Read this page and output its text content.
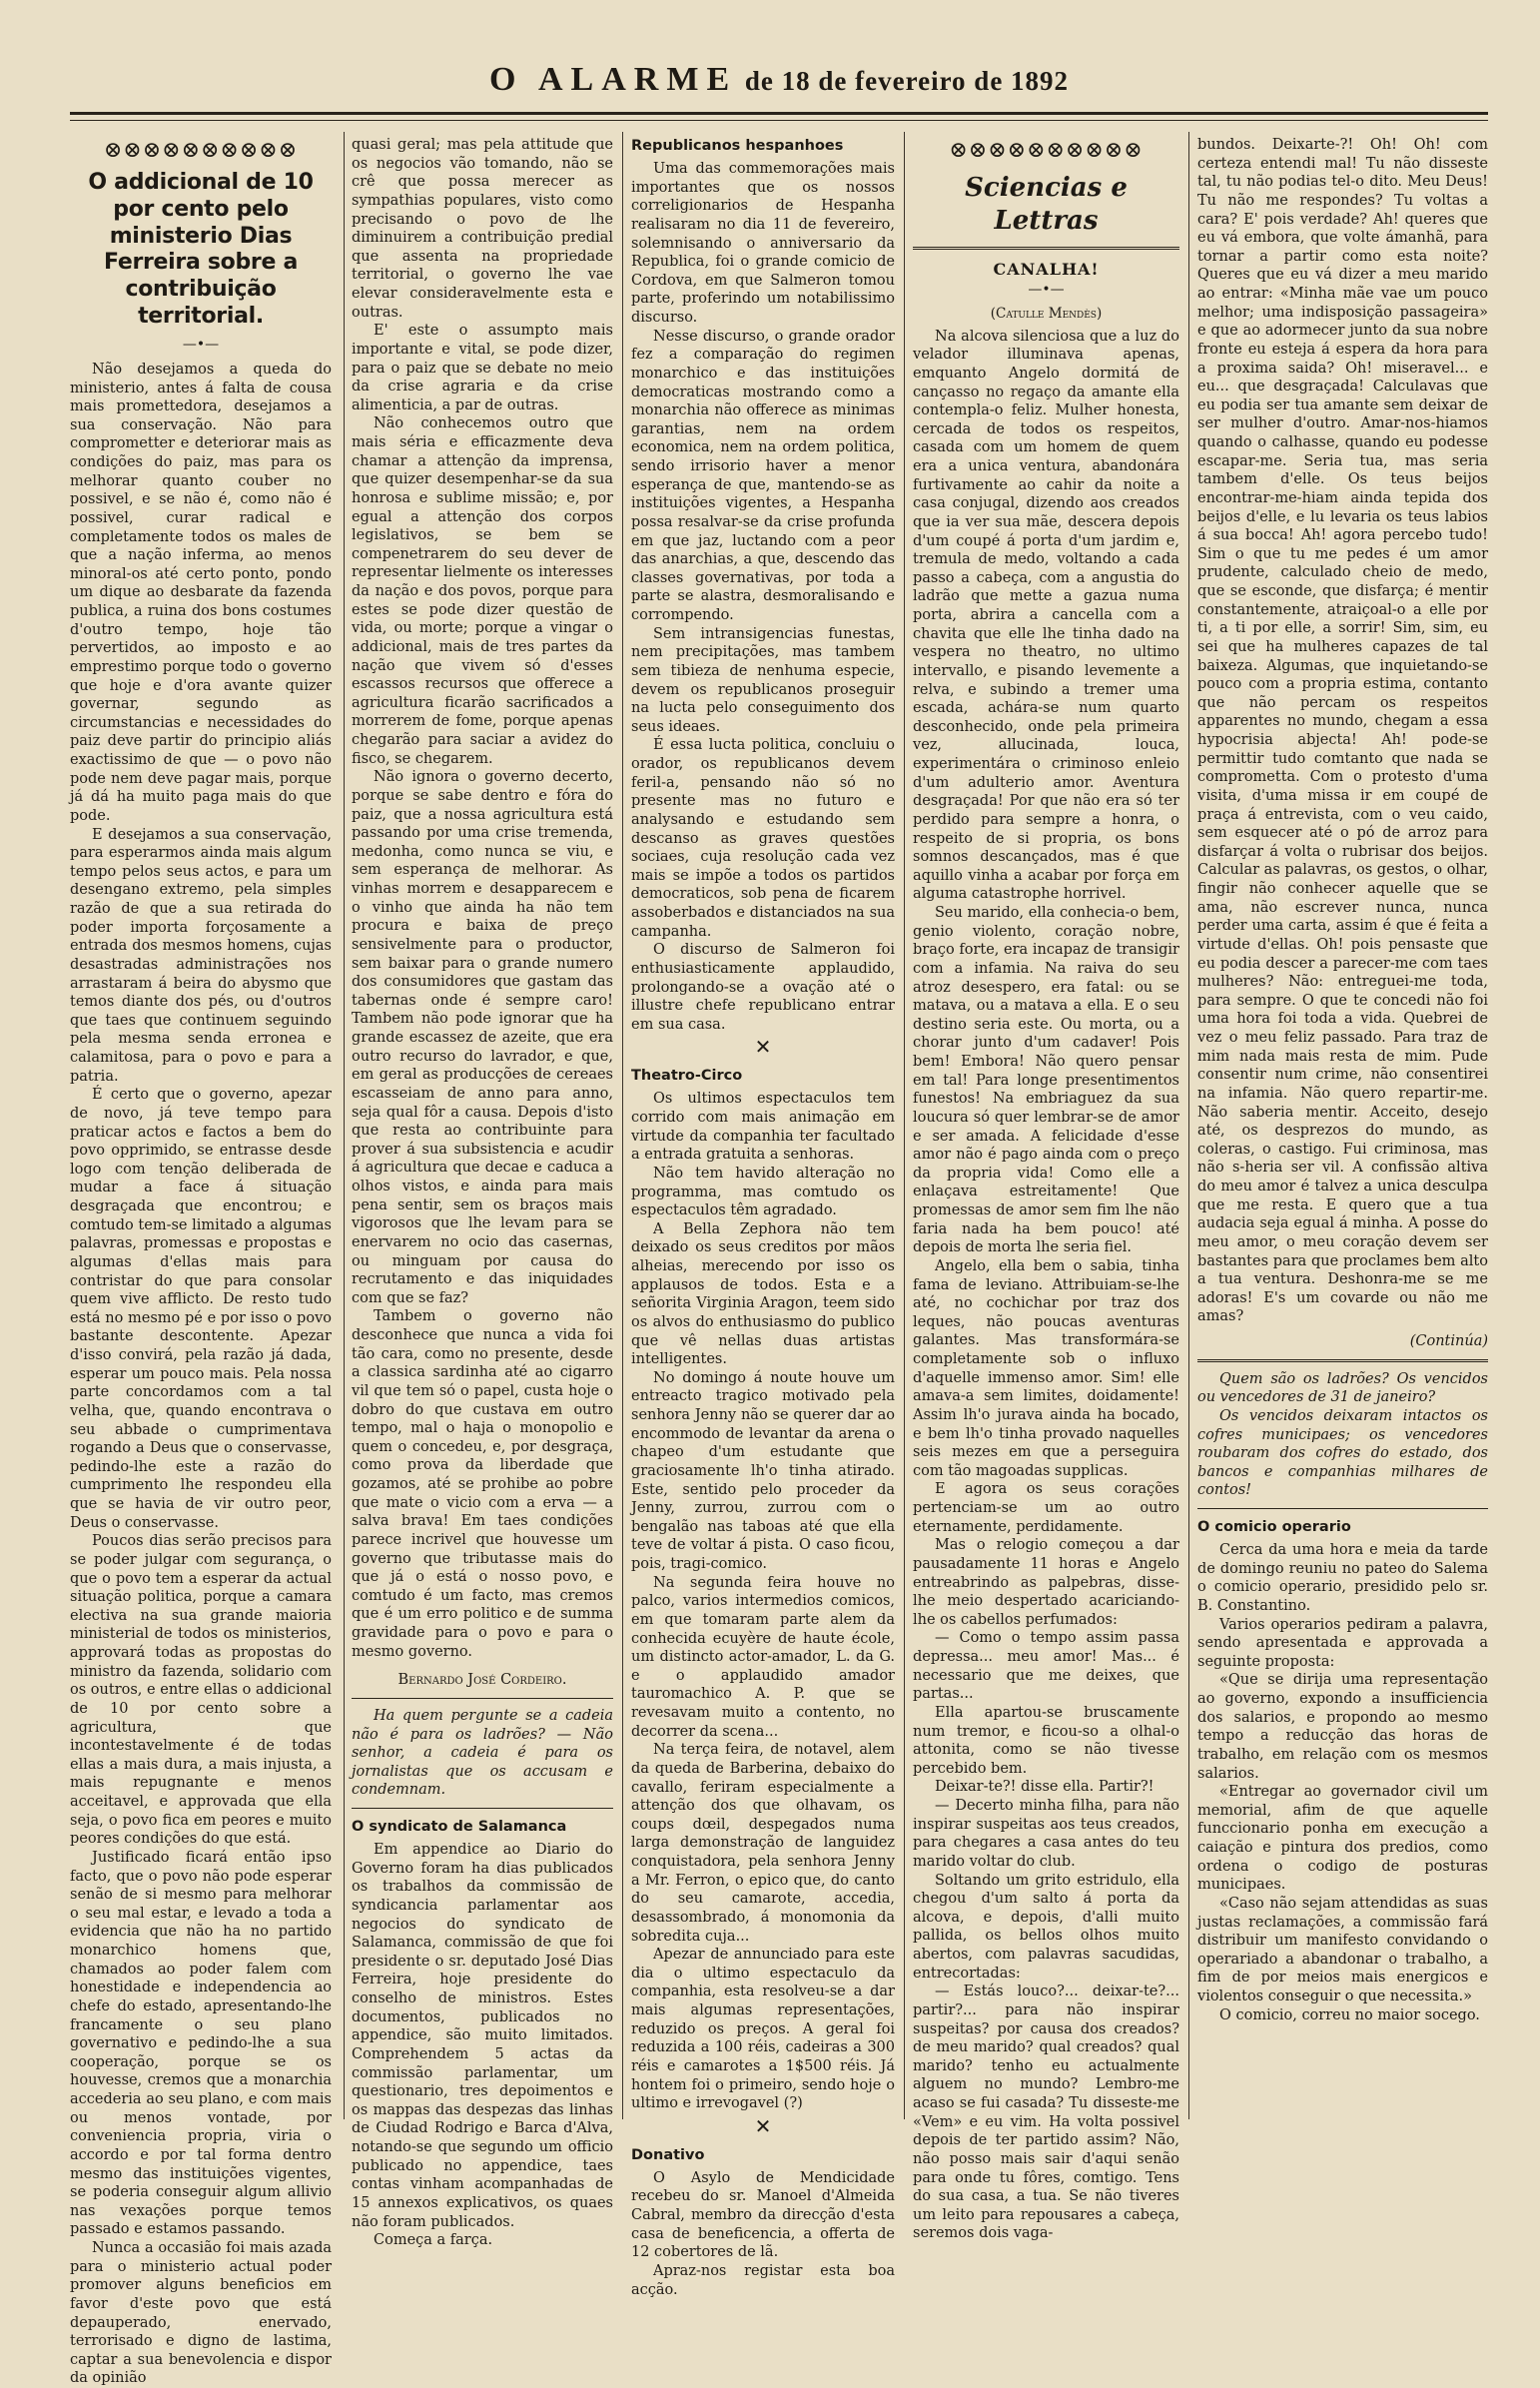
O ALARME de 18 de fevereiro de 1892
⊗⊗⊗⊗⊗⊗⊗⊗⊗⊗
O addicional de 10 por cento pelo ministerio Dias Ferreira sobre a contribuição territorial.
—•—

Não desejamos a queda do ministerio, antes á falta de cousa mais promettedora, desejamos a sua conservação. Não para comprometter e deteriorar mais as condições do paiz, mas para os melhorar quanto couber no possivel, e se não é, como não é possivel, curar radical e completamente todos os males de que a nação inferma, ao menos minoral-os até certo ponto, pondo um dique ao desbarate da fazenda publica, a ruina dos bons costumes d'outro tempo, hoje tão pervertidos, ao imposto e ao emprestimo porque todo o governo que hoje e d'ora avante quizer governar, segundo as circumstancias e necessidades do paiz deve partir do principio aliás exactissimo de que — o povo não pode nem deve pagar mais, porque já dá ha muito paga mais do que pode.

E desejamos a sua conservação, para esperarmos ainda mais algum tempo pelos seus actos, e para um desengano extremo, pela simples razão de que a sua retirada do poder importa forçosamente a entrada dos mesmos homens, cujas desastradas administrações nos arrastaram á beira do abysmo que temos diante dos pés, ou d'outros que taes que continuem seguindo pela mesma senda erronea e calamitosa, para o povo e para a patria.

É certo que o governo, apezar de novo, já teve tempo para praticar actos e factos a bem do povo opprimido, se entrasse desde logo com tenção deliberada de mudar a face á situação desgraçada que encontrou; e comtudo tem-se limitado a algumas palavras, promessas e propostas e algumas d'ellas mais para contristar do que para consolar quem vive afflicto. De resto tudo está no mesmo pé e por isso o povo bastante descontente. Apezar d'isso convirá, pela razão já dada, esperar um pouco mais. Pela nossa parte concordamos com a tal velha, que, quando encontrava o seu abbade o cumprimentava rogando a Deus que o conservasse, pedindo-lhe este a razão do cumprimento lhe respondeu ella que se havia de vir outro peor, Deus o conservasse.

Poucos dias serão precisos para se poder julgar com segurança, o que o povo tem a esperar da actual situação politica, porque a camara electiva na sua grande maioria ministerial de todos os ministerios, approvará todas as propostas do ministro da fazenda, solidario com os outros, e entre ellas o addicional de 10 por cento sobre a agricultura, que incontestavelmente é de todas ellas a mais dura, a mais injusta, a mais repugnante e menos acceitavel, e approvada que ella seja, o povo fica em peores e muito peores condições do que está.

Justificado ficará então ipso facto, que o povo não pode esperar senão de si mesmo para melhorar o seu mal estar, e levado a toda a evidencia que não ha no partido monarchico homens que, chamados ao poder falem com honestidade e independencia ao chefe do estado, apresentando-lhe francamente o seu plano governativo e pedindo-lhe a sua cooperação, porque se os houvesse, cremos que a monarchia accederia ao seu plano, e com mais ou menos vontade, por conveniencia propria, viria o accordo e por tal forma dentro mesmo das instituições vigentes, se poderia conseguir algum allivio nas vexações porque temos passado e estamos passando.

Nunca a occasião foi mais azada para o ministerio actual poder promover alguns beneficios em favor d'este povo que está depauperado, enervado, terrorisado e digno de lastima, captar a sua benevolencia e dispor da opinião

quasi geral; mas pela attitude que os negocios vão tomando, não se crê que possa merecer as sympathias populares, visto como precisando o povo de lhe diminuirem a contribuição predial que assenta na propriedade territorial, o governo lhe vae elevar consideravelmente esta e outras.

E' este o assumpto mais importante e vital, se pode dizer, para o paiz que se debate no meio da crise agraria e da crise alimenticia, a par de outras.

Não conhecemos outro que mais séria e efficazmente deva chamar a attenção da imprensa, que quizer desempenhar-se da sua honrosa e sublime missão; e, por egual a attenção dos corpos legislativos, se bem se compenetrarem do seu dever de representar lielmente os interesses da nação e dos povos, porque para estes se pode dizer questão de vida, ou morte; porque a vingar o addicional, mais de tres partes da nação que vivem só d'esses escassos recursos que offerece a agricultura ficarão sacrificados a morrerem de fome, porque apenas chegarão para saciar a avidez do fisco, se chegarem.

Não ignora o governo decerto, porque se sabe dentro e fóra do paiz, que a nossa agricultura está passando por uma crise tremenda, medonha, como nunca se viu, e sem esperança de melhorar. As vinhas morrem e desapparecem e o vinho que ainda ha não tem procura e baixa de preço sensivelmente para o productor, sem baixar para o grande numero dos consumidores que gastam das tabernas onde é sempre caro! Tambem não pode ignorar que ha grande escassez de azeite, que era outro recurso do lavrador, e que, em geral as producções de cereaes escasseiam de anno para anno, seja qual fôr a causa. Depois d'isto que resta ao contribuinte para prover á sua subsistencia e acudir á agricultura que decae e caduca a olhos vistos, e ainda para mais pena sentir, sem os braços mais vigorosos que lhe levam para se enervarem no ocio das casernas, ou minguam por causa do recrutamento e das iniquidades com que se faz?

Tambem o governo não desconhece que nunca a vida foi tão cara, como no presente, desde a classica sardinha até ao cigarro vil que tem só o papel, custa hoje o dobro do que custava em outro tempo, mal o haja o monopolio e quem o concedeu, e, por desgraça, como prova da liberdade que gozamos, até se prohibe ao pobre que mate o vicio com a erva — a salva brava! Em taes condições parece incrivel que houvesse um governo que tributasse mais do que já o está o nosso povo, e comtudo é um facto, mas cremos que é um erro politico e de summa gravidade para o povo e para o mesmo governo.

Bernardo José Cordeiro.

Ha quem pergunte se a cadeia não é para os ladrões? — Não senhor, a cadeia é para os jornalistas que os accusam e condemnam.

O syndicato de Salamanca

Em appendice ao Diario do Governo foram ha dias publicados os trabalhos da commissão de syndicancia parlamentar aos negocios do syndicato de Salamanca, commissão de que foi presidente o sr. deputado José Dias Ferreira, hoje presidente do conselho de ministros. Estes documentos, publicados no appendice, são muito limitados. Comprehendem 5 actas da commissão parlamentar, um questionario, tres depoimentos e os mappas das despezas das linhas de Ciudad Rodrigo e Barca d'Alva, notando-se que segundo um officio publicado no appendice, taes contas vinham acompanhadas de 15 annexos explicativos, os quaes não foram publicados.

Começa a farça.

Republicanos hespanhoes

Uma das commemorações mais importantes que os nossos correligionarios de Hespanha realisaram no dia 11 de fevereiro, solemnisando o anniversario da Republica, foi o grande comicio de Cordova, em que Salmeron tomou parte, proferindo um notabilissimo discurso.

Nesse discurso, o grande orador fez a comparação do regimen monarchico e das instituições democraticas mostrando como a monarchia não offerece as minimas garantias, nem na ordem economica, nem na ordem politica, sendo irrisorio haver a menor esperança de que, mantendo-se as instituições vigentes, a Hespanha possa resalvar-se da crise profunda em que jaz, luctando com a peor das anarchias, a que, descendo das classes governativas, por toda a parte se alastra, desmoralisando e corrompendo.

Sem intransigencias funestas, nem precipitações, mas tambem sem tibieza de nenhuma especie, devem os republicanos proseguir na lucta pelo conseguimento dos seus ideaes.

É essa lucta politica, concluiu o orador, os republicanos devem feril-a, pensando não só no presente mas no futuro e analysando e estudando sem descanso as graves questões sociaes, cuja resolução cada vez mais se impõe a todos os partidos democraticos, sob pena de ficarem assoberbados e distanciados na sua campanha.

O discurso de Salmeron foi enthusiasticamente applaudido, prolongando-se a ovação até o illustre chefe republicano entrar em sua casa.

✕
Theatro-Circo

Os ultimos espectaculos tem corrido com mais animação em virtude da companhia ter facultado a entrada gratuita a senhoras.

Não tem havido alteração no programma, mas comtudo os espectaculos têm agradado.

A Bella Zephora não tem deixado os seus creditos por mãos alheias, merecendo por isso os applausos de todos. Esta e a señorita Virginia Aragon, teem sido os alvos do enthusiasmo do publico que vê nellas duas artistas intelligentes.

No domingo á noute houve um entreacto tragico motivado pela senhora Jenny não se querer dar ao encommodo de levantar da arena o chapeo d'um estudante que graciosamente lh'o tinha atirado. Este, sentido pelo proceder da Jenny, zurrou, zurrou com o bengalão nas taboas até que ella teve de voltar á pista. O caso ficou, pois, tragi-comico.

Na segunda feira houve no palco, varios intermedios comicos, em que tomaram parte alem da conhecida ecuyère de haute école, um distincto actor-amador, L. da G. e o applaudido amador tauromachico A. P. que se revesavam muito a contento, no decorrer da scena...

Na terça feira, de notavel, alem da queda de Barberina, debaixo do cavallo, feriram especialmente a attenção dos que olhavam, os coups dœil, despegados numa larga demonstração de languidez conquistadora, pela senhora Jenny a Mr. Ferron, o epico que, do canto do seu camarote, accedia, desassombrado, á monomonia da sobredita cuja...

Apezar de annunciado para este dia o ultimo espectaculo da companhia, esta resolveu-se a dar mais algumas representações, reduzido os preços. A geral foi reduzida a 100 réis, cadeiras a 300 réis e camarotes a 1$500 réis. Já hontem foi o primeiro, sendo hoje o ultimo e irrevogavel (?)

✕
Donativo

O Asylo de Mendicidade recebeu do sr. Manoel d'Almeida Cabral, membro da direcção d'esta casa de beneficencia, a offerta de 12 cobertores de lã.

Apraz-nos registar esta boa acção.

⊗⊗⊗⊗⊗⊗⊗⊗⊗⊗
Sciencias e Lettras
CANALHA!
—•—
(Catulle Mendès)

Na alcova silenciosa que a luz do velador illuminava apenas, emquanto Angelo dormitá de cançasso no regaço da amante ella contempla-o feliz. Mulher honesta, cercada de todos os respeitos, casada com um homem de quem era a unica ventura, abandonára furtivamente ao cahir da noite a casa conjugal, dizendo aos creados que ia ver sua mãe, descera depois d'um coupé á porta d'um jardim e, tremula de medo, voltando a cada passo a cabeça, com a angustia do ladrão que mette a gazua numa porta, abrira a cancella com a chavita que elle lhe tinha dado na vespera no theatro, no ultimo intervallo, e pisando levemente a relva, e subindo a tremer uma escada, achára-se num quarto desconhecido, onde pela primeira vez, allucinada, louca, experimentára o criminoso enleio d'um adulterio amor. Aventura desgraçada! Por que não era só ter perdido para sempre a honra, o respeito de si propria, os bons somnos descançados, mas é que aquillo vinha a acabar por força em alguma catastrophe horrivel.

Seu marido, ella conhecia-o bem, genio violento, coração nobre, braço forte, era incapaz de transigir com a infamia. Na raiva do seu atroz desespero, era fatal: ou se matava, ou a matava a ella. E o seu destino seria este. Ou morta, ou a chorar junto d'um cadaver! Pois bem! Embora! Não quero pensar em tal! Para longe presentimentos funestos! Na embriaguez da sua loucura só quer lembrar-se de amor e ser amada. A felicidade d'esse amor não é pago ainda com o preço da propria vida! Como elle a enlaçava estreitamente! Que promessas de amor sem fim lhe não faria nada ha bem pouco! até depois de morta lhe seria fiel.

Angelo, ella bem o sabia, tinha fama de leviano. Attribuiam-se-lhe até, no cochichar por traz dos leques, não poucas aventuras galantes. Mas transformára-se completamente sob o influxo d'aquelle immenso amor. Sim! elle amava-a sem limites, doidamente! Assim lh'o jurava ainda ha bocado, e bem lh'o tinha provado naquelles seis mezes em que a perseguira com tão magoadas supplicas.

E agora os seus corações pertenciam-se um ao outro eternamente, perdidamente.

Mas o relogio começou a dar pausadamente 11 horas e Angelo entreabrindo as palpebras, disse-lhe meio despertado acariciando-lhe os cabellos perfumados:

— Como o tempo assim passa depressa... meu amor! Mas... é necessario que me deixes, que partas...

Ella apartou-se bruscamente num tremor, e ficou-so a olhal-o attonita, como se não tivesse percebido bem.

Deixar-te?! disse ella. Partir?!

— Decerto minha filha, para não inspirar suspeitas aos teus creados, para chegares a casa antes do teu marido voltar do club.

Soltando um grito estridulo, ella chegou d'um salto á porta da alcova, e depois, d'alli muito pallida, os bellos olhos muito abertos, com palavras sacudidas, entrecortadas:

— Estás louco?... deixar-te?... partir?... para não inspirar suspeitas? por causa dos creados? de meu marido? qual creados? qual marido? tenho eu actualmente alguem no mundo? Lembro-me acaso se fui casada? Tu disseste-me «Vem» e eu vim. Ha volta possivel depois de ter partido assim? Não, não posso mais sair d'aqui senão para onde tu fôres, comtigo. Tens do sua casa, a tua. Se não tiveres um leito para repousares a cabeça, seremos dois vaga-

bundos. Deixarte-?! Oh! Oh! com certeza entendi mal! Tu não disseste tal, tu não podias tel-o dito. Meu Deus! Tu não me respondes? Tu voltas a cara? E' pois verdade? Ah! queres que eu vá embora, que volte ámanhã, para tornar a partir como esta noite? Queres que eu vá dizer a meu marido ao entrar: «Minha mãe vae um pouco melhor; uma indisposição passageira» e que ao adormecer junto da sua nobre fronte eu esteja á espera da hora para a proxima saida? Oh! miseravel... e eu... que desgraçada! Calculavas que eu podia ser tua amante sem deixar de ser mulher d'outro. Amar-nos-hiamos quando o calhasse, quando eu podesse escapar-me. Seria tua, mas seria tambem d'elle. Os teus beijos encontrar-me-hiam ainda tepida dos beijos d'elle, e lu levaria os teus labios á sua bocca! Ah! agora percebo tudo! Sim o que tu me pedes é um amor prudente, calculado cheio de medo, que se esconde, que disfarça; é mentir constantemente, atraiçoal-o a elle por ti, a ti por elle, a sorrir! Sim, sim, eu sei que ha mulheres capazes de tal baixeza. Algumas, que inquietando-se pouco com a propria estima, contanto que não percam os respeitos apparentes no mundo, chegam a essa hypocrisia abjecta! Ah! pode-se permittir tudo comtanto que nada se comprometta. Com o protesto d'uma visita, d'uma missa ir em coupé de praça á entrevista, com o veu caido, sem esquecer até o pó de arroz para disfarçar á volta o rubrisar dos beijos. Calcular as palavras, os gestos, o olhar, fingir não conhecer aquelle que se ama, não escrever nunca, nunca perder uma carta, assim é que é feita a virtude d'ellas. Oh! pois pensaste que eu podia descer a parecer-me com taes mulheres? Não: entreguei-me toda, para sempre. O que te concedi não foi uma hora foi toda a vida. Quebrei de vez o meu feliz passado. Para traz de mim nada mais resta de mim. Pude consentir num crime, não consentirei na infamia. Não quero repartir-me. Não saberia mentir. Acceito, desejo até, os desprezos do mundo, as coleras, o castigo. Fui criminosa, mas não s-heria ser vil. A confissão altiva do meu amor é talvez a unica desculpa que me resta. E quero que a tua audacia seja egual á minha. A posse do meu amor, o meu coração devem ser bastantes para que proclames bem alto a tua ventura. Deshonra-me se me adoras! E's um covarde ou não me amas?

(Continúa)

Quem são os ladrões? Os vencidos ou vencedores de 31 de janeiro?

Os vencidos deixaram intactos os cofres municipaes; os vencedores roubaram dos cofres do estado, dos bancos e companhias milhares de contos!

O comicio operario

Cerca da uma hora e meia da tarde de domingo reuniu no pateo do Salema o comicio operario, presidido pelo sr. B. Constantino.

Varios operarios pediram a palavra, sendo apresentada e approvada a seguinte proposta:

«Que se dirija uma representação ao governo, expondo a insufficiencia dos salarios, e propondo ao mesmo tempo a reducção das horas de trabalho, em relação com os mesmos salarios.

«Entregar ao governador civil um memorial, afim de que aquelle funccionario ponha em execução a caiação e pintura dos predios, como ordena o codigo de posturas municipaes.

«Caso não sejam attendidas as suas justas reclamações, a commissão fará distribuir um manifesto convidando o operariado a abandonar o trabalho, a fim de por meios mais energicos e violentos conseguir o que necessita.»

O comicio, correu no maior socego.
